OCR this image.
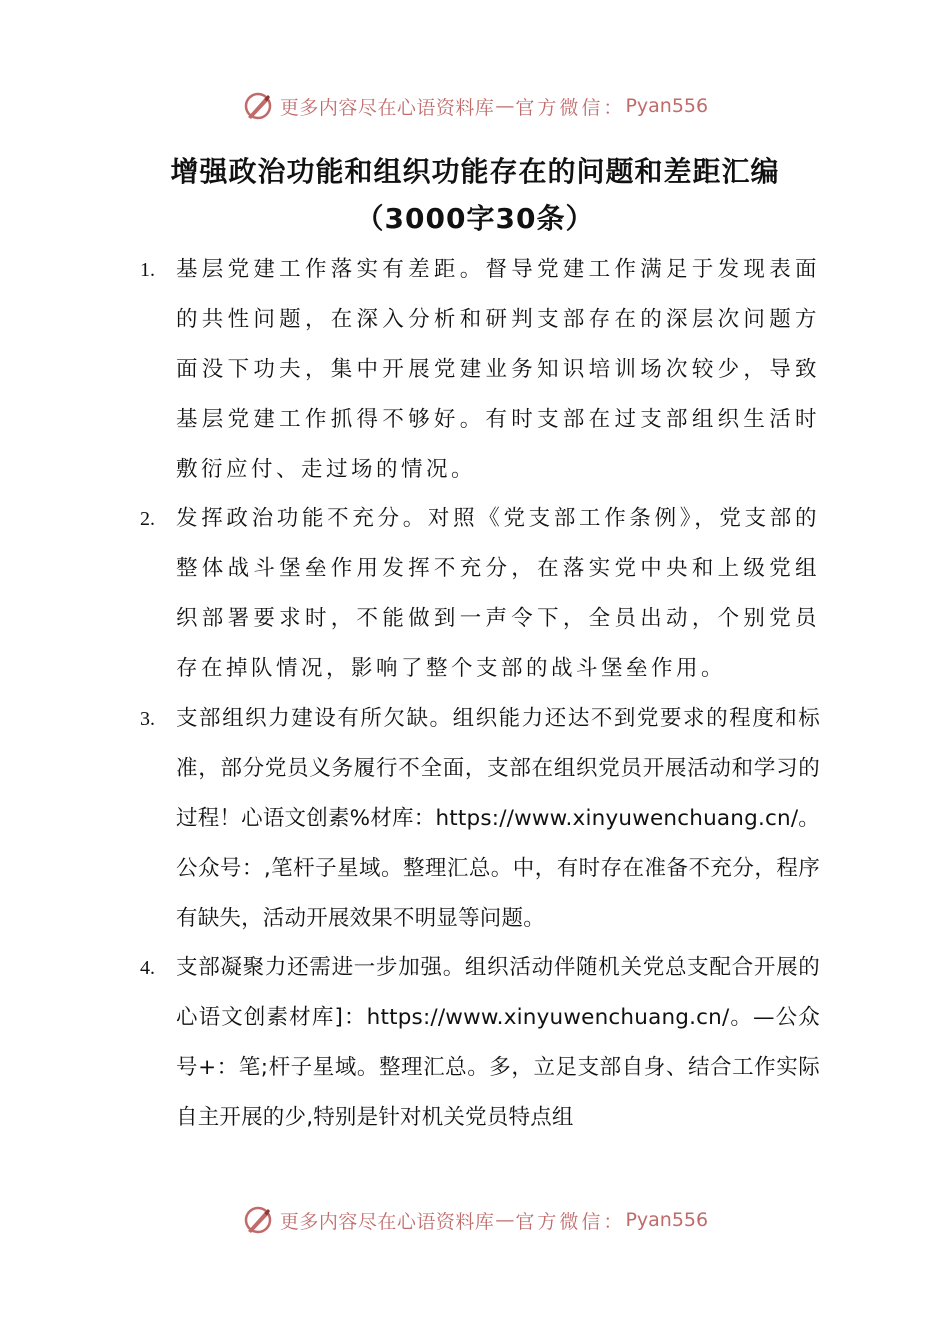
更多内容尽在心语资料库 — 官方微信： Pyan556
增强政治功能和组织功能存在的问题和差距汇编（3000字30条）
1. 基层党建工作落实有差距。督导党建工作满足于发现表面的共性问题，在深入分析和研判支部存在的深层次问题方面没下功夫，集中开展党建业务知识培训场次较少，导致基层党建工作抓得不够好。有时支部在过支部组织生活时敷衍应付、走过场的情况。
2. 发挥政治功能不充分。对照《党支部工作条例》，党支部的整体战斗堡垒作用发挥不充分，在落实党中央和上级党组织部署要求时，不能做到一声令下，全员出动，个别党员存在掉队情况，影响了整个支部的战斗堡垒作用。
3. 支部组织力建设有所欠缺。组织能力还达不到党要求的程度和标准，部分党员义务履行不全面，支部在组织党员开展活动和学习的过程！心语文创素%材库：https://www.xinyuwenchuang.cn/。公众号：,笔杆子星域。整理汇总。中，有时存在准备不充分，程序有缺失，活动开展效果不明显等问题。
4. 支部凝聚力还需进一步加强。组织活动伴随机关党总支配合开展的心语文创素材库]：https://www.xinyuwenchuang.cn/。—公众号+：笔;杆子星域。整理汇总。多，立足支部自身、结合工作实际自主开展的少,特别是针对机关党员特点组
更多内容尽在心语资料库 — 官方微信： Pyan556
